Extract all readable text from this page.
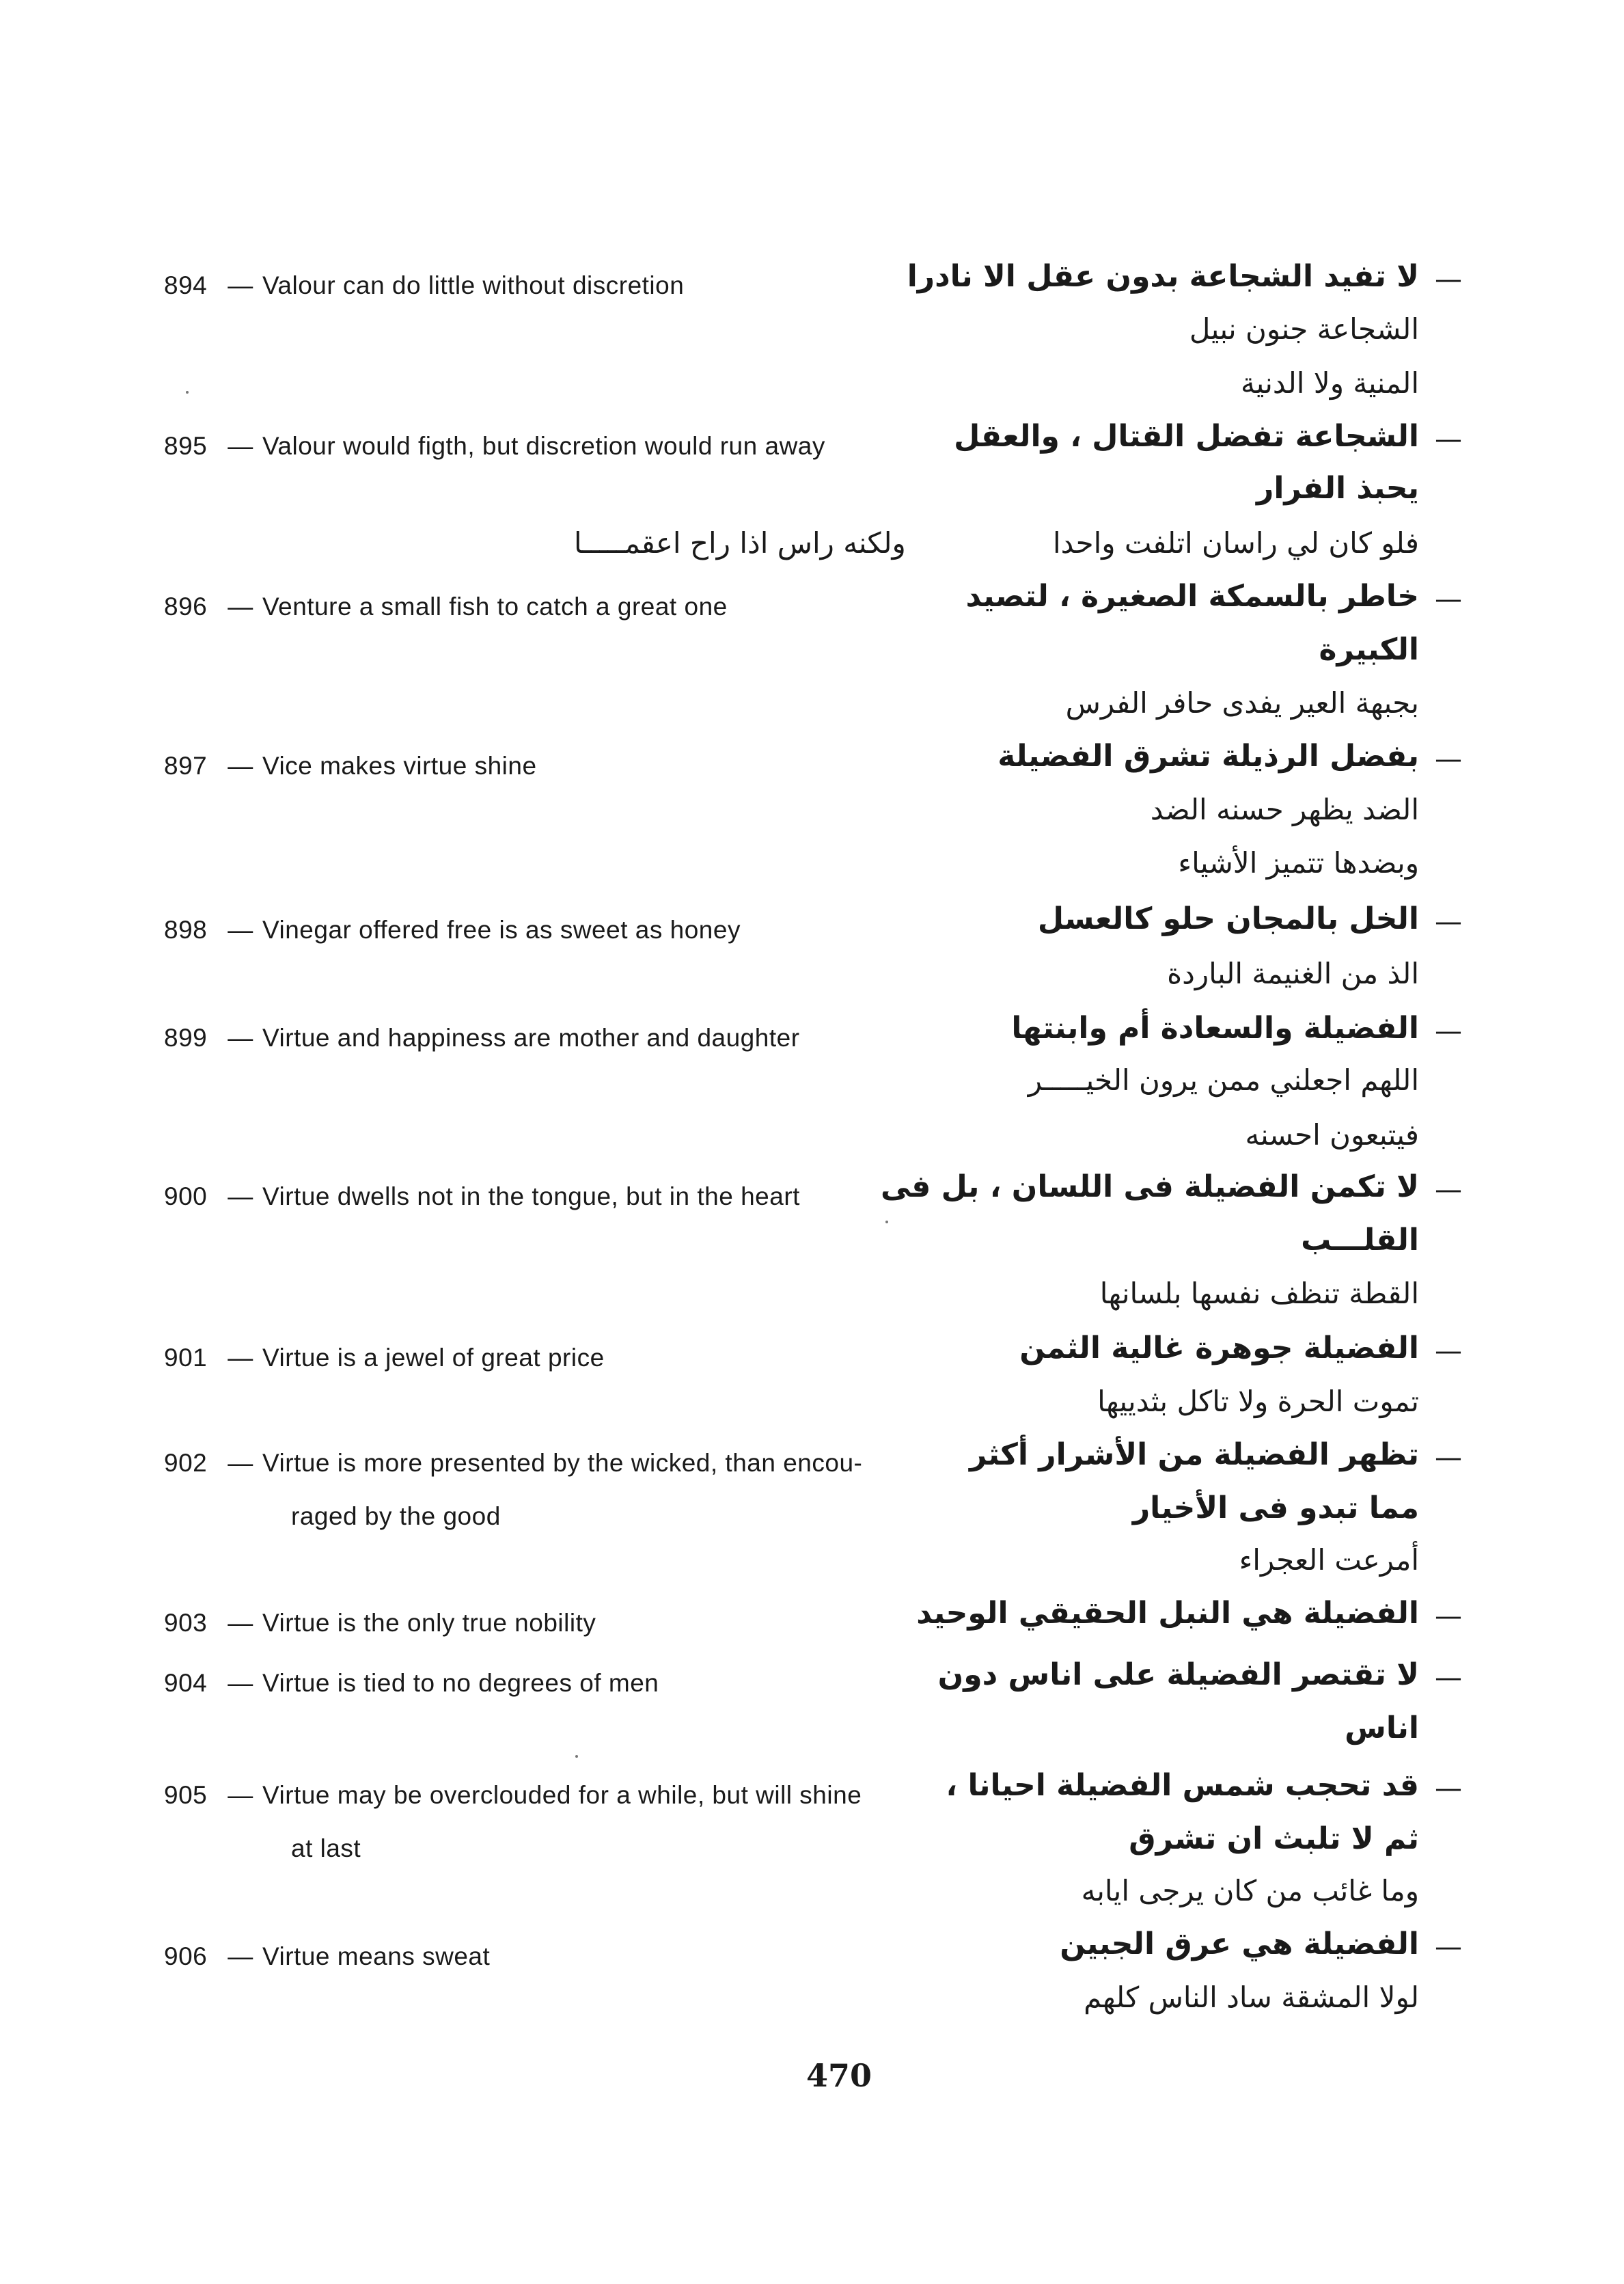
894 — Valour can do little without discretion	—
لا تفيد الشجاعة بدون عقل الا نادرا
الشجاعة جنون نبيل
المنية ولا الدنية
895 — Valour would figth, but discretion would run away	—
الشجاعة تفضل القتال ، والعقل
يحبذ الفرار
فلو كان لي راسان اتلفت واحدا
ولكنه راس اذا راح اعقمـــــا
896 — Venture a small fish to catch a great one	—
خاطر بالسمكة الصغيرة ، لتصيد
الكبيرة
بجبهة العير يفدى حافر الفرس
897 — Vice makes virtue shine	—
بفضل الرذيلة تشرق الفضيلة
الضد يظهر حسنه الضد
وبضدها تتميز الأشياء
898 — Vinegar offered free is as sweet as honey	—
الخل بالمجان حلو كالعسل
الذ من الغنيمة الباردة
899 — Virtue and happiness are mother and daughter	—
الفضيلة والسعادة أم وابنتها
اللهم اجعلني ممن يرون الخيـــــر
فيتبعون احسنه
900 — Virtue dwells not in the tongue, but in the heart	—
لا تكمن الفضيلة فى اللسان ، بل فى
القلـــب
القطة تنظف نفسها بلسانها
901 — Virtue is a jewel of great price	—
الفضيلة جوهرة غالية الثمن
تموت الحرة ولا تاكل بثدييها
902 — Virtue is more presented by the wicked, than encou-
raged by the good
—
تظهر الفضيلة من الأشرار أكثر
مما تبدو فى الأخيار
أمرعت العجراء
903 — Virtue is the only true nobility	—
الفضيلة هي النبل الحقيقي الوحيد
904 — Virtue is tied to no degrees of men	—
لا تقتصر الفضيلة على اناس دون
اناس
905 — Virtue may be overclouded for a while, but will shine
at last
—
قد تحجب شمس الفضيلة احيانا ،
ثم لا تلبث ان تشرق
وما غائب من كان يرجى ايابه
906 — Virtue means sweat	—
الفضيلة هي عرق الجبين
لولا المشقة ساد الناس كلهم
470
